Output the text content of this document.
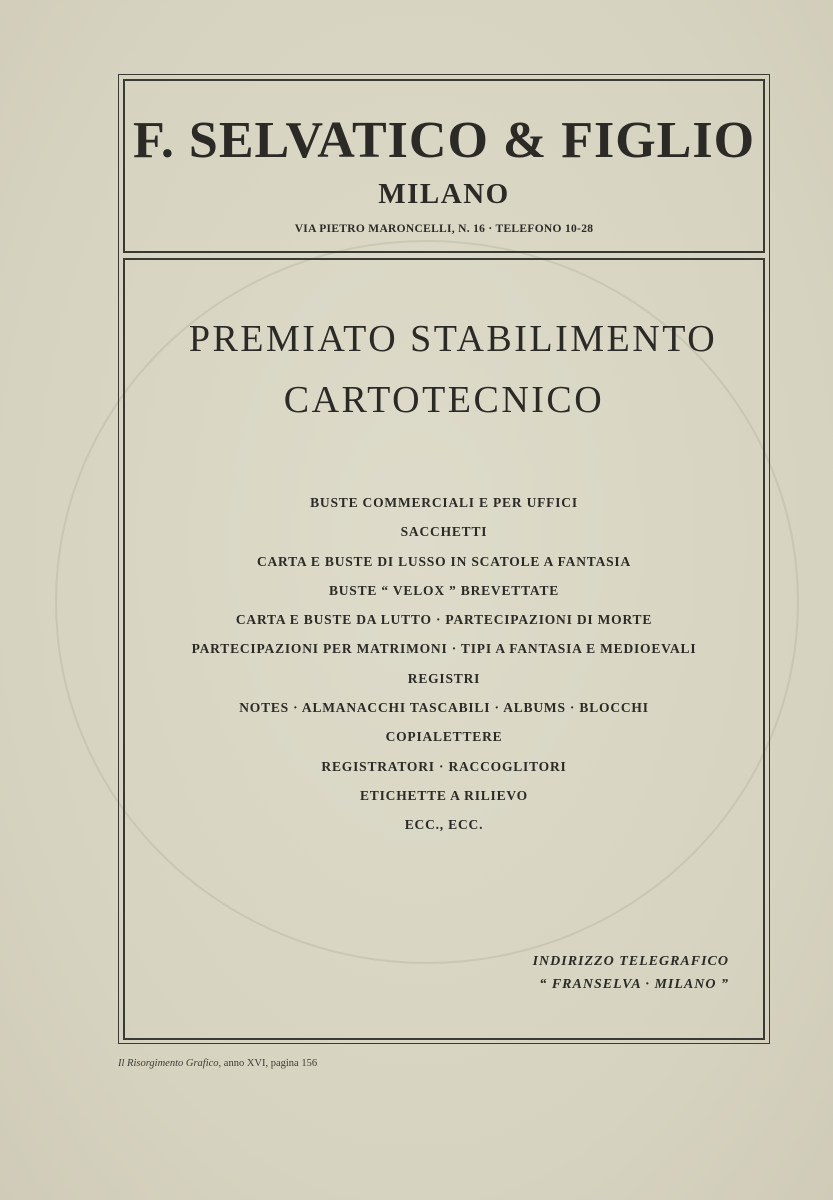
F. SELVATICO & FIGLIO
MILANO
VIA PIETRO MARONCELLI, N. 16 · TELEFONO 10-28
PREMIATO STABILIMENTO
CARTOTECNICO
BUSTE COMMERCIALI E PER UFFICI
SACCHETTI
CARTA E BUSTE DI LUSSO IN SCATOLE A FANTASIA
BUSTE “ VELOX ” BREVETTATE
CARTA E BUSTE DA LUTTO · PARTECIPAZIONI DI MORTE
PARTECIPAZIONI PER MATRIMONI · TIPI A FANTASIA E MEDIOEVALI
REGISTRI
NOTES · ALMANACCHI TASCABILI · ALBUMS · BLOCCHI
COPIALETTERE
REGISTRATORI · RACCOGLITORI
ETICHETTE A RILIEVO
ECC., ECC.
INDIRIZZO TELEGRAFICO
“ FRANSELVA · MILANO ”
Il Risorgimento Grafico, anno XVI, pagina 156
